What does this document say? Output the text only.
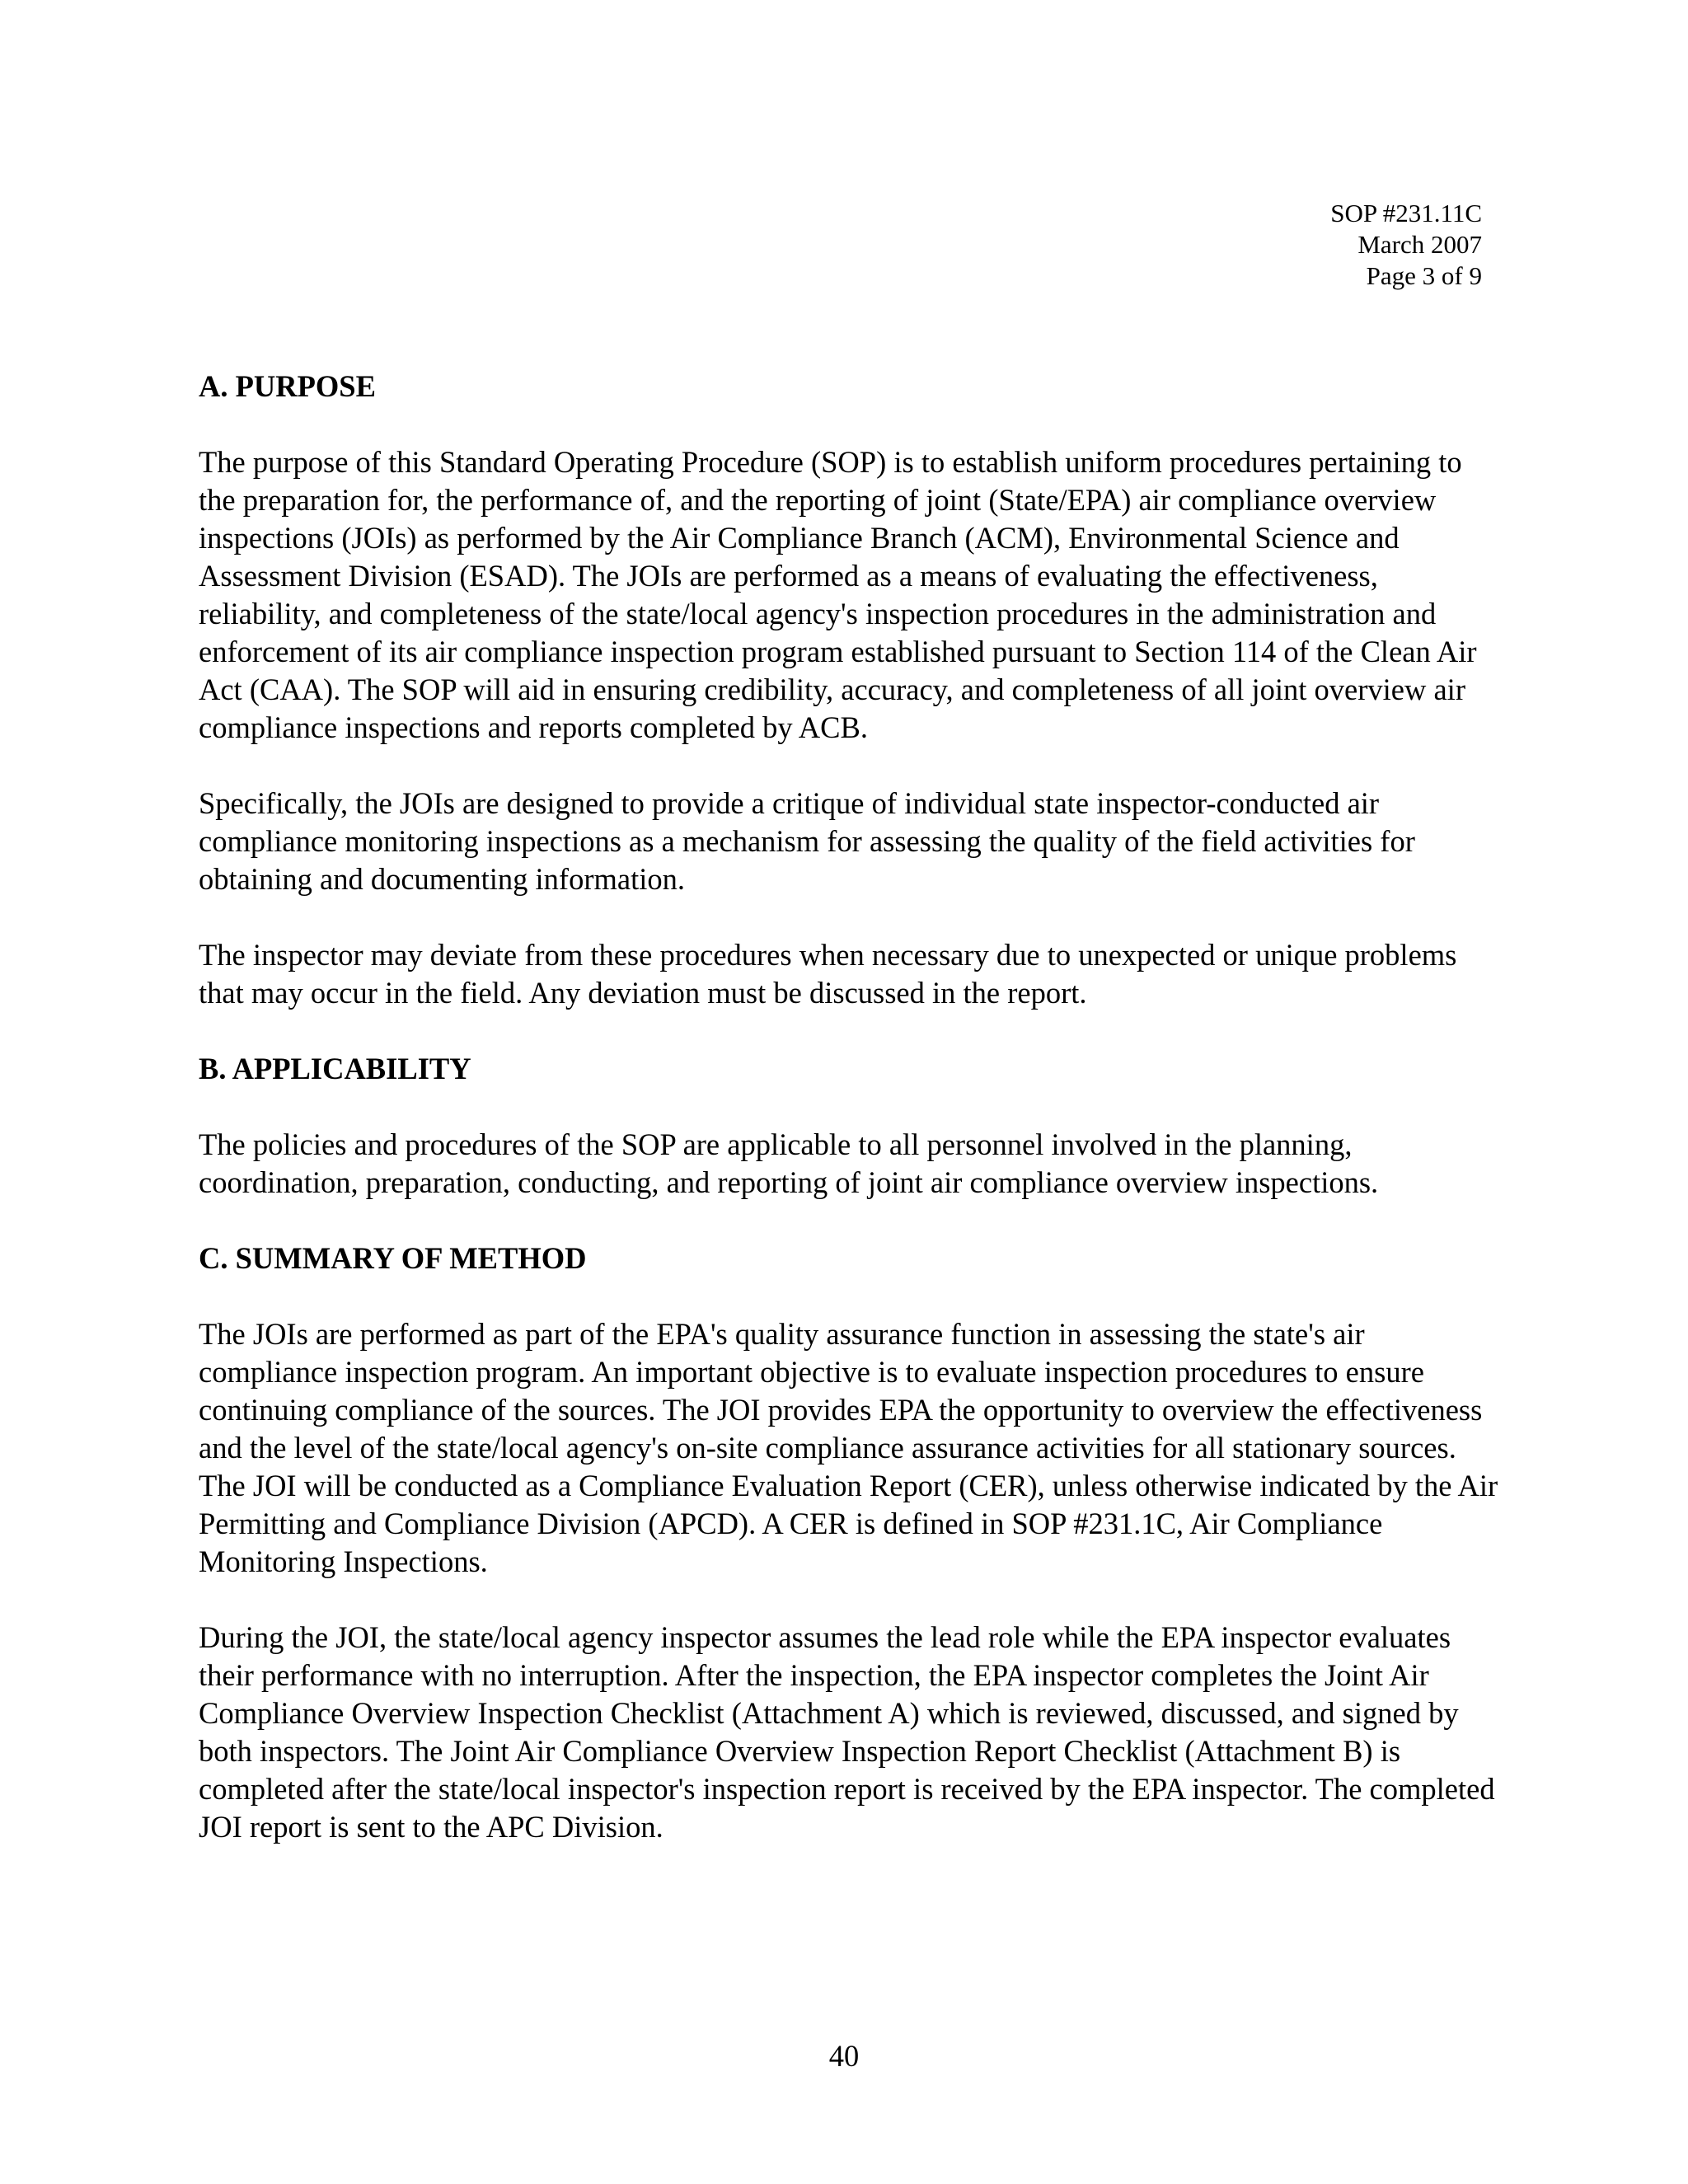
SOP #231.11C
March 2007
Page 3 of 9
A. PURPOSE

The purpose of this Standard Operating Procedure (SOP) is to establish uniform procedures pertaining to the preparation for, the performance of, and the reporting of joint (State/EPA) air compliance overview inspections (JOIs) as performed by the Air Compliance Branch (ACM), Environmental Science and Assessment Division (ESAD). The JOIs are performed as a means of evaluating the effectiveness, reliability, and completeness of the state/local agency's inspection procedures in the administration and enforcement of its air compliance inspection program established pursuant to Section 114 of the Clean Air Act (CAA). The SOP will aid in ensuring credibility, accuracy, and completeness of all joint overview air compliance inspections and reports completed by ACB.

Specifically, the JOIs are designed to provide a critique of individual state inspector-conducted air compliance monitoring inspections as a mechanism for assessing the quality of the field activities for obtaining and documenting information.

The inspector may deviate from these procedures when necessary due to unexpected or unique problems that may occur in the field. Any deviation must be discussed in the report.

B. APPLICABILITY

The policies and procedures of the SOP are applicable to all personnel involved in the planning, coordination, preparation, conducting, and reporting of joint air compliance overview inspections.

C. SUMMARY OF METHOD

The JOIs are performed as part of the EPA's quality assurance function in assessing the state's air compliance inspection program. An important objective is to evaluate inspection procedures to ensure continuing compliance of the sources. The JOI provides EPA the opportunity to overview the effectiveness and the level of the state/local agency's on-site compliance assurance activities for all stationary sources. The JOI will be conducted as a Compliance Evaluation Report (CER), unless otherwise indicated by the Air Permitting and Compliance Division (APCD). A CER is defined in SOP #231.1C, Air Compliance Monitoring Inspections.

During the JOI, the state/local agency inspector assumes the lead role while the EPA inspector evaluates their performance with no interruption. After the inspection, the EPA inspector completes the Joint Air Compliance Overview Inspection Checklist (Attachment A) which is reviewed, discussed, and signed by both inspectors. The Joint Air Compliance Overview Inspection Report Checklist (Attachment B) is completed after the state/local inspector's inspection report is received by the EPA inspector. The completed JOI report is sent to the APC Division.

40
